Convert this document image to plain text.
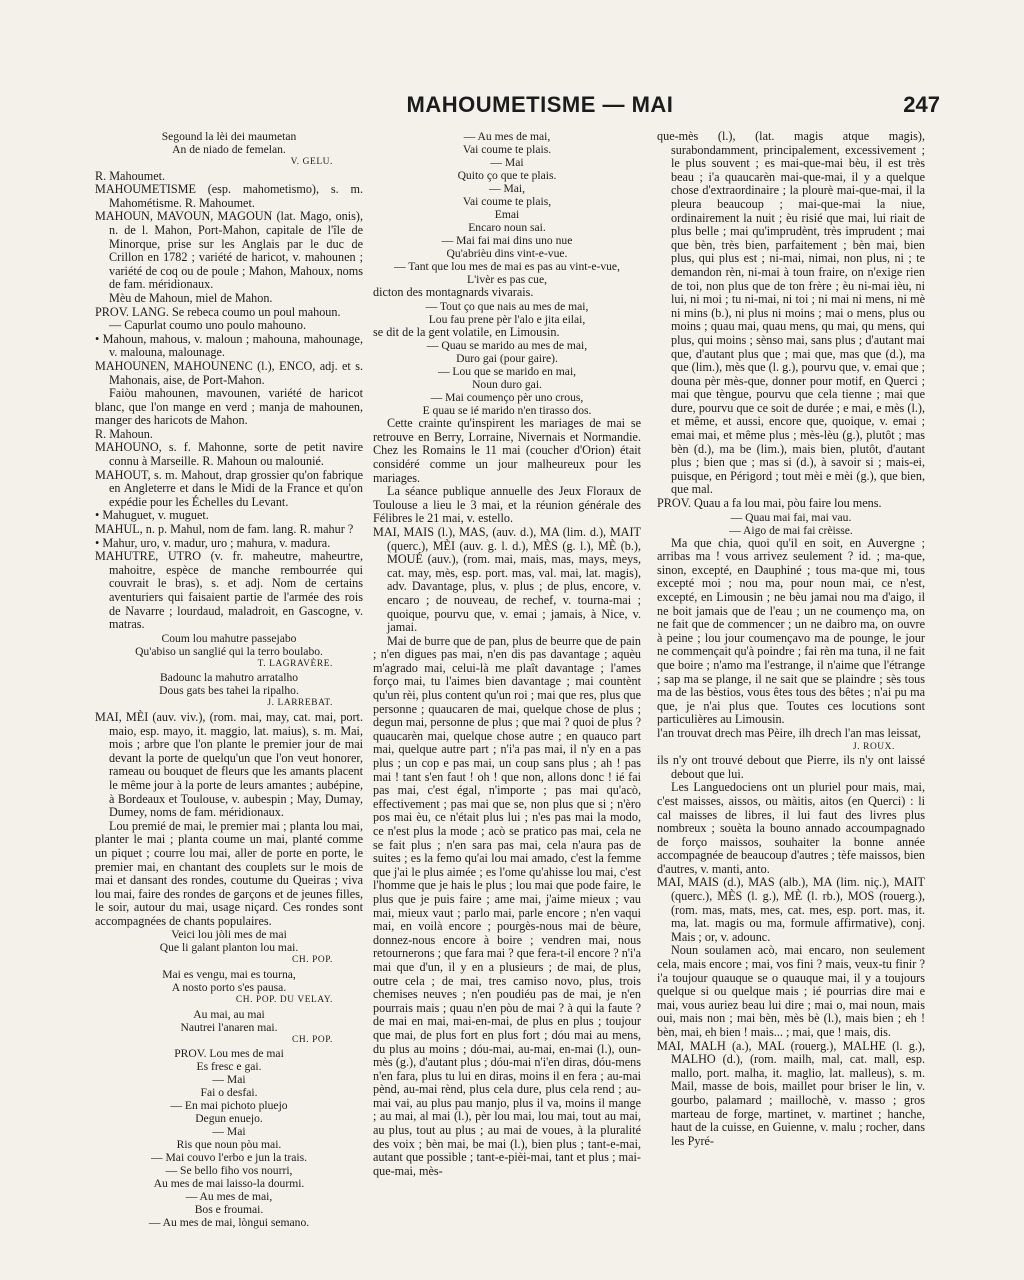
MAHOUMETISME — MAI	247

Segound la lèi dei maumetan

An de niado de femelan.

V. GELU.

R. Mahoumet.

MAHOUMETISME (esp. mahometismo), s. m. Mahométisme. R. Mahoumet.

MAHOUN, MAVOUN, MAGOUN (lat. Mago, onis), n. de l. Mahon, Port-Mahon, capitale de l'île de Minorque, prise sur les Anglais par le duc de Crillon en 1782 ; variété de haricot, v. mahounen ; variété de coq ou de poule ; Mahon, Mahoux, noms de fam. méridionaux.

Mèu de Mahoun, miel de Mahon.

PROV. LANG. Se rebeca coumo un poul mahoun.

— Capurlat coumo uno poulo mahouno.

• Mahoun, mahous, v. maloun ; mahouna, mahounage, v. malouna, malounage.

MAHOUNEN, MAHOUNENC (l.), ENCO, adj. et s. Mahonais, aise, de Port-Mahon.

Faiòu mahounen, mavounen, variété de haricot blanc, que l'on mange en verd ; manja de mahounen, manger des haricots de Mahon.

R. Mahoun.

MAHOUNO, s. f. Mahonne, sorte de petit navire connu à Marseille. R. Mahoun ou malounié.

MAHOUT, s. m. Mahout, drap grossier qu'on fabrique en Angleterre et dans le Midi de la France et qu'on expédie pour les Échelles du Levant.

• Mahuguet, v. muguet.

MAHUL, n. p. Mahul, nom de fam. lang. R. mahur ?

• Mahur, uro, v. madur, uro ; mahura, v. madura.

MAHUTRE, UTRO (v. fr. maheutre, maheurtre, mahoitre, espèce de manche rembourrée qui couvrait le bras), s. et adj. Nom de certains aventuriers qui faisaient partie de l'armée des rois de Navarre ; lourdaud, maladroit, en Gascogne, v. matras.

Coum lou mahutre passejabo

Qu'abiso un sanglié qui la terro boulabo.

T. LAGRAVÈRE.

Badounc la mahutro arratalho

Dous gats bes tahei la ripalho.

J. LARREBAT.

MAI, MÈI (auv. viv.), (rom. mai, may, cat. mai, port. maio, esp. mayo, it. maggio, lat. maius), s. m. Mai, mois ; arbre que l'on plante le premier jour de mai devant la porte de quelqu'un que l'on veut honorer, rameau ou bouquet de fleurs que les amants placent le même jour à la porte de leurs amantes ; aubépine, à Bordeaux et Toulouse, v. aubespin ; May, Dumay, Dumey, noms de fam. méridionaux.

Lou premié de mai, le premier mai ; planta lou mai, planter le mai ; planta coume un mai, planté comme un piquet ; courre lou mai, aller de porte en porte, le premier mai, en chantant des couplets sur le mois de mai et dansant des rondes, coutume du Queiras ; viva lou mai, faire des rondes de garçons et de jeunes filles, le soir, autour du mai, usage niçard. Ces rondes sont accompagnées de chants populaires.

Veici lou jòli mes de mai

Que li galant planton lou mai.

CH. POP.

Mai es vengu, mai es tourna,

A nosto porto s'es pausa.

CH. POP. DU VELAY.

Au mai, au mai

Nautrei l'anaren mai.

CH. POP.

PROV. Lou mes de mai

Es fresc e gai.

— Mai

Fai o desfai.

— En mai pichoto pluejo

Degun enuejo.

— Mai

Ris que noun pòu mai.

— Mai couvo l'erbo e jun la trais.

— Se bello fiho vos nourri,

Au mes de mai laisso-la dourmi.

— Au mes de mai,

Bos e froumai.

— Au mes de mai, lòngui semano.

— Au mes de mai,

Vai coume te plais.

— Mai

Quito ço que te plais.

— Mai,

Vai coume te plais,

Emai

Encaro noun sai.

— Mai fai mai dins uno nue

Qu'abrièu dins vint-e-vue.

— Tant que lou mes de mai es pas au vint-e-vue,

L'ivèr es pas cue,

dicton des montagnards vivarais.

— Tout ço que nais au mes de mai,

Lou fau prene pèr l'alo e jita eilai,

se dit de la gent volatile, en Limousin.

— Quau se marido au mes de mai,

Duro gai (pour gaire).

— Lou que se marido en mai,

Noun duro gai.

— Mai coumenço pèr uno crous,

E quau se ié marido n'en tirasso dos.

Cette crainte qu'inspirent les mariages de mai se retrouve en Berry, Lorraine, Nivernais et Normandie. Chez les Romains le 11 mai (coucher d'Orion) était considéré comme un jour malheureux pour les mariages.

La séance publique annuelle des Jeux Floraux de Toulouse a lieu le 3 mai, et la réunion générale des Félibres le 21 mai, v. estello.

MAI, MAIS (l.), MAS, (auv. d.), MA (lim. d.), MAIT (querc.), MÈI (auv. g. l. d.), MÈS (g. l.), MÈ (b.), MOUÉ (auv.), (rom. mai, mais, mas, mays, meys, cat. may, mès, esp. port. mas, val. mai, lat. magis), adv. Davantage, plus, v. plus ; de plus, encore, v. encaro ; de nouveau, de rechef, v. tourna-mai ; quoique, pourvu que, v. emai ; jamais, à Nice, v. jamai.

Mai de burre que de pan, plus de beurre que de pain ; n'en digues pas mai, n'en dis pas davantage ; aquèu m'agrado mai, celui-là me plaît davantage ; l'ames forço mai, tu l'aimes bien davantage ; mai countènt qu'un rèi, plus content qu'un roi ; mai que res, plus que personne ; quaucaren de mai, quelque chose de plus ; degun mai, personne de plus ; que mai ? quoi de plus ? quaucarèn mai, quelque chose autre ; en quauco part mai, quelque autre part ; n'i'a pas mai, il n'y en a pas plus ; un cop e pas mai, un coup sans plus ; ah ! pas mai ! tant s'en faut ! oh ! que non, allons donc ! ié fai pas mai, c'est égal, n'importe ; pas mai qu'acò, effectivement ; pas mai que se, non plus que si ; n'èro pos mai èu, ce n'était plus lui ; n'es pas mai la modo, ce n'est plus la mode ; acò se pratico pas mai, cela ne se fait plus ; n'en sara pas mai, cela n'aura pas de suites ; es la femo qu'ai lou mai amado, c'est la femme que j'ai le plus aimée ; es l'ome qu'ahisse lou mai, c'est l'homme que je hais le plus ; lou mai que pode faire, le plus que je puis faire ; ame mai, j'aime mieux ; vau mai, mieux vaut ; parlo mai, parle encore ; n'en vaqui mai, en voilà encore ; pourgès-nous mai de bèure, donnez-nous encore à boire ; vendren mai, nous retournerons ; que fara mai ? que fera-t-il encore ? n'i'a mai que d'un, il y en a plusieurs ; de mai, de plus, outre cela ; de mai, tres camiso novo, plus, trois chemises neuves ; n'en poudiéu pas de mai, je n'en pourrais mais ; quau n'en pòu de mai ? à qui la faute ? de mai en mai, mai-en-mai, de plus en plus ; toujour que mai, de plus fort en plus fort ; dóu mai au mens, du plus au moins ; dóu-mai, au-mai, en-mai (l.), oun-mès (g.), d'autant plus ; dóu-mai n'i'en diras, dóu-mens n'en fara, plus tu lui en diras, moins il en fera ; au-mai pènd, au-mai rènd, plus cela dure, plus cela rend ; au-mai vai, au plus pau manjo, plus il va, moins il mange ; au mai, al mai (l.), pèr lou mai, lou mai, tout au mai, au plus, tout au plus ; au mai de voues, à la pluralité des voix ; bèn mai, be mai (l.), bien plus ; tant-e-mai, autant que possible ; tant-e-pièi-mai, tant et plus ; mai-que-mai, mès-

que-mès (l.), (lat. magis atque magis), surabondamment, principalement, excessivement ; le plus souvent ; es mai-que-mai bèu, il est très beau ; i'a quaucarèn mai-que-mai, il y a quelque chose d'extraordinaire ; la plourè mai-que-mai, il la pleura beaucoup ; mai-que-mai la niue, ordinairement la nuit ; èu risié que mai, lui riait de plus belle ; mai qu'imprudènt, très imprudent ; mai que bèn, très bien, parfaitement ; bèn mai, bien plus, qui plus est ; ni-mai, nimai, non plus, ni ; te demandon rèn, ni-mai à toun fraire, on n'exige rien de toi, non plus que de ton frère ; èu ni-mai ièu, ni lui, ni moi ; tu ni-mai, ni toi ; ni mai ni mens, ni mè ni mins (b.), ni plus ni moins ; mai o mens, plus ou moins ; quau mai, quau mens, qu mai, qu mens, qui plus, qui moins ; sènso mai, sans plus ; d'autant mai que, d'autant plus que ; mai que, mas que (d.), ma que (lim.), mès que (l. g.), pourvu que, v. emai que ; douna pèr mès-que, donner pour motif, en Querci ; mai que tèngue, pourvu que cela tienne ; mai que dure, pourvu que ce soit de durée ; e mai, e mès (l.), et même, et aussi, encore que, quoique, v. emai ; emai mai, et même plus ; mès-lèu (g.), plutôt ; mas bèn (d.), ma be (lim.), mais bien, plutôt, d'autant plus ; bien que ; mas si (d.), à savoir si ; mais-ei, puisque, en Périgord ; tout mèi e mèi (g.), que bien, que mal.

PROV. Quau a fa lou mai, pòu faire lou mens.

— Quau mai fai, mai vau.

— Aigo de mai fai crèisse.

Ma que chia, quoi qu'il en soit, en Auvergne ; arribas ma ! vous arrivez seulement ? id. ; ma-que, sinon, excepté, en Dauphiné ; tous ma-que mi, tous excepté moi ; nou ma, pour noun mai, ce n'est, excepté, en Limousin ; ne bèu jamai nou ma d'aigo, il ne boit jamais que de l'eau ; un ne coumenço ma, on ne fait que de commencer ; un ne daibro ma, on ouvre à peine ; lou jour coumençavo ma de pounge, le jour ne commençait qu'à poindre ; fai rèn ma tuna, il ne fait que boire ; n'amo ma l'estrange, il n'aime que l'étrange ; sap ma se plange, il ne sait que se plaindre ; sès tous ma de las bèstios, vous êtes tous des bêtes ; n'ai pu ma que, je n'ai plus que. Toutes ces locutions sont particulières au Limousin.

l'an trouvat drech mas Pèire, ilh drech l'an mas leissat,

J. ROUX.

ils n'y ont trouvé debout que Pierre, ils n'y ont laissé debout que lui.

Les Languedociens ont un pluriel pour mais, mai, c'est maisses, aissos, ou màitis, aitos (en Querci) : li cal maisses de libres, il lui faut des livres plus nombreux ; souèta la bouno annado accoumpagnado de forço maissos, souhaiter la bonne année accompagnée de beaucoup d'autres ; tèfe maissos, bien d'autres, v. manti, anto.

MAI, MAIS (d.), MAS (alb.), MA (lim. niç.), MAIT (querc.), MÈS (l. g.), MÈ (l. rb.), MOS (rouerg.), (rom. mas, mats, mes, cat. mes, esp. port. mas, it. ma, lat. magis ou ma, formule affirmative), conj. Mais ; or, v. adounc.

Noun soulamen acò, mai encaro, non seulement cela, mais encore ; mai, vos fini ? mais, veux-tu finir ? i'a toujour quauque se o quauque mai, il y a toujours quelque si ou quelque mais ; ié pourrias dire mai e mai, vous auriez beau lui dire ; mai o, mai noun, mais oui, mais non ; mai bèn, mès bè (l.), mais bien ; eh ! bèn, mai, eh bien ! mais... ; mai, que ! mais, dis.

MAI, MALH (a.), MAL (rouerg.), MALHE (l. g.), MALHO (d.), (rom. mailh, mal, cat. mall, esp. mallo, port. malha, it. maglio, lat. malleus), s. m. Mail, masse de bois, maillet pour briser le lin, v. gourbo, palamard ; maillochè, v. masso ; gros marteau de forge, martinet, v. martinet ; hanche, haut de la cuisse, en Guienne, v. malu ; rocher, dans les Pyré-
